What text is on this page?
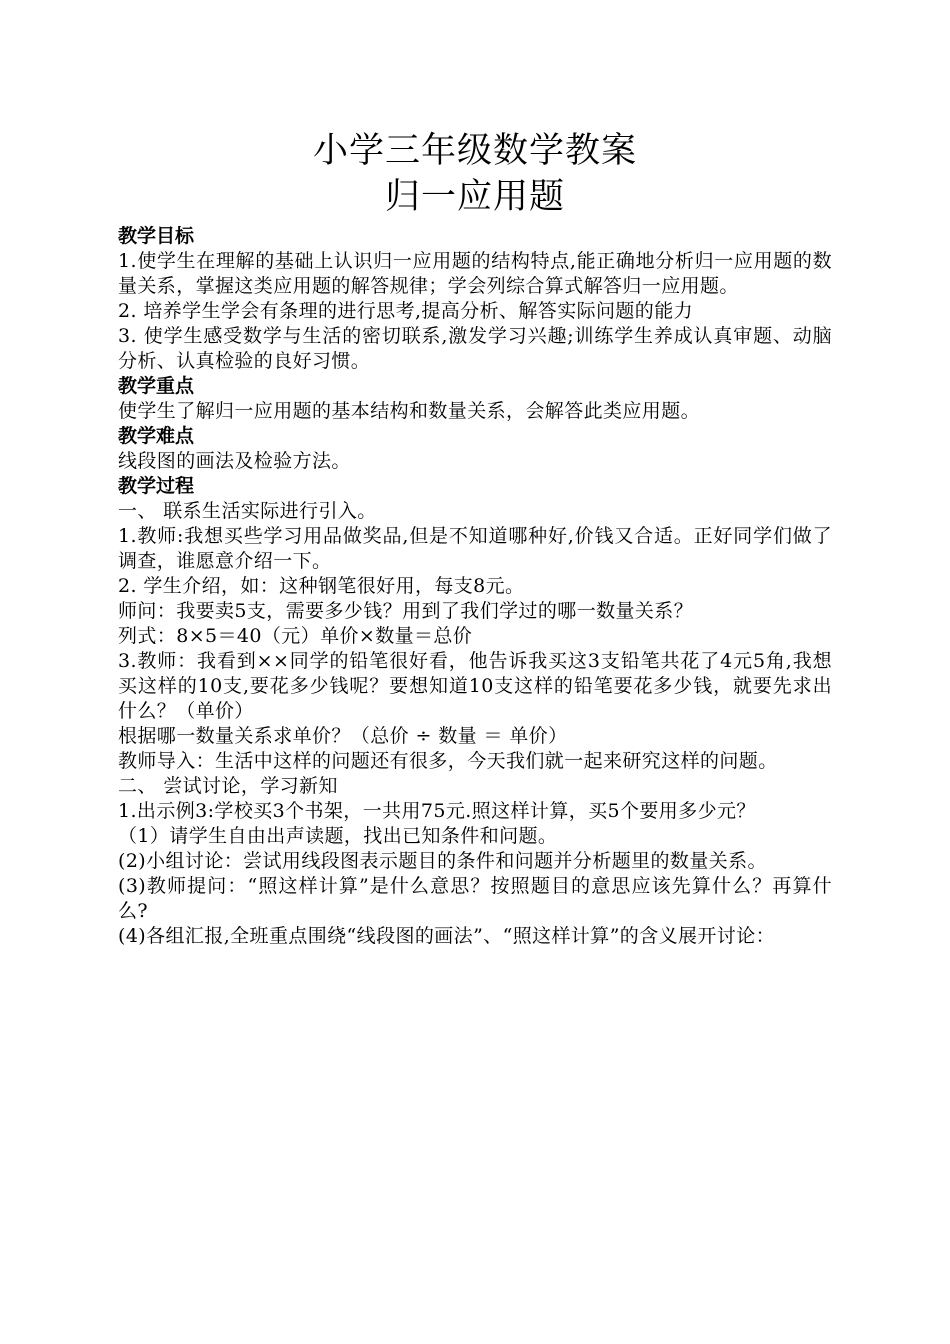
小学三年级数学教案
归一应用题

教学目标

1.使学生在理解的基础上认识归一应用题的结构特点,能正确地分析归一应用题的数量关系，掌握这类应用题的解答规律；学会列综合算式解答归一应用题。

2. 培养学生学会有条理的进行思考,提高分析、解答实际问题的能力

3. 使学生感受数学与生活的密切联系,激发学习兴趣;训练学生养成认真审题、动脑分析、认真检验的良好习惯。

教学重点

使学生了解归一应用题的基本结构和数量关系，会解答此类应用题。

教学难点

线段图的画法及检验方法。

教学过程

一、 联系生活实际进行引入。

1.教师:我想买些学习用品做奖品,但是不知道哪种好,价钱又合适。正好同学们做了调查，谁愿意介绍一下。

2. 学生介绍，如：这种钢笔很好用，每支8元。

师问：我要卖5支，需要多少钱？用到了我们学过的哪一数量关系？

列式：8×5＝40（元）单价×数量＝总价

3.教师：我看到××同学的铅笔很好看，他告诉我买这3支铅笔共花了4元5角,我想买这样的10支,要花多少钱呢？要想知道10支这样的铅笔要花多少钱，就要先求出什么？（单价）

根据哪一数量关系求单价？（总价 ÷ 数量 ＝ 单价）

教师导入：生活中这样的问题还有很多，今天我们就一起来研究这样的问题。

二、 尝试讨论，学习新知

1.出示例3:学校买3个书架，一共用75元.照这样计算，买5个要用多少元？

（1）请学生自由出声读题，找出已知条件和问题。

(2)小组讨论：尝试用线段图表示题目的条件和问题并分析题里的数量关系。

(3)教师提问：“照这样计算”是什么意思？按照题目的意思应该先算什么？再算什么?

(4)各组汇报,全班重点围绕“线段图的画法”、“照这样计算”的含义展开讨论：
